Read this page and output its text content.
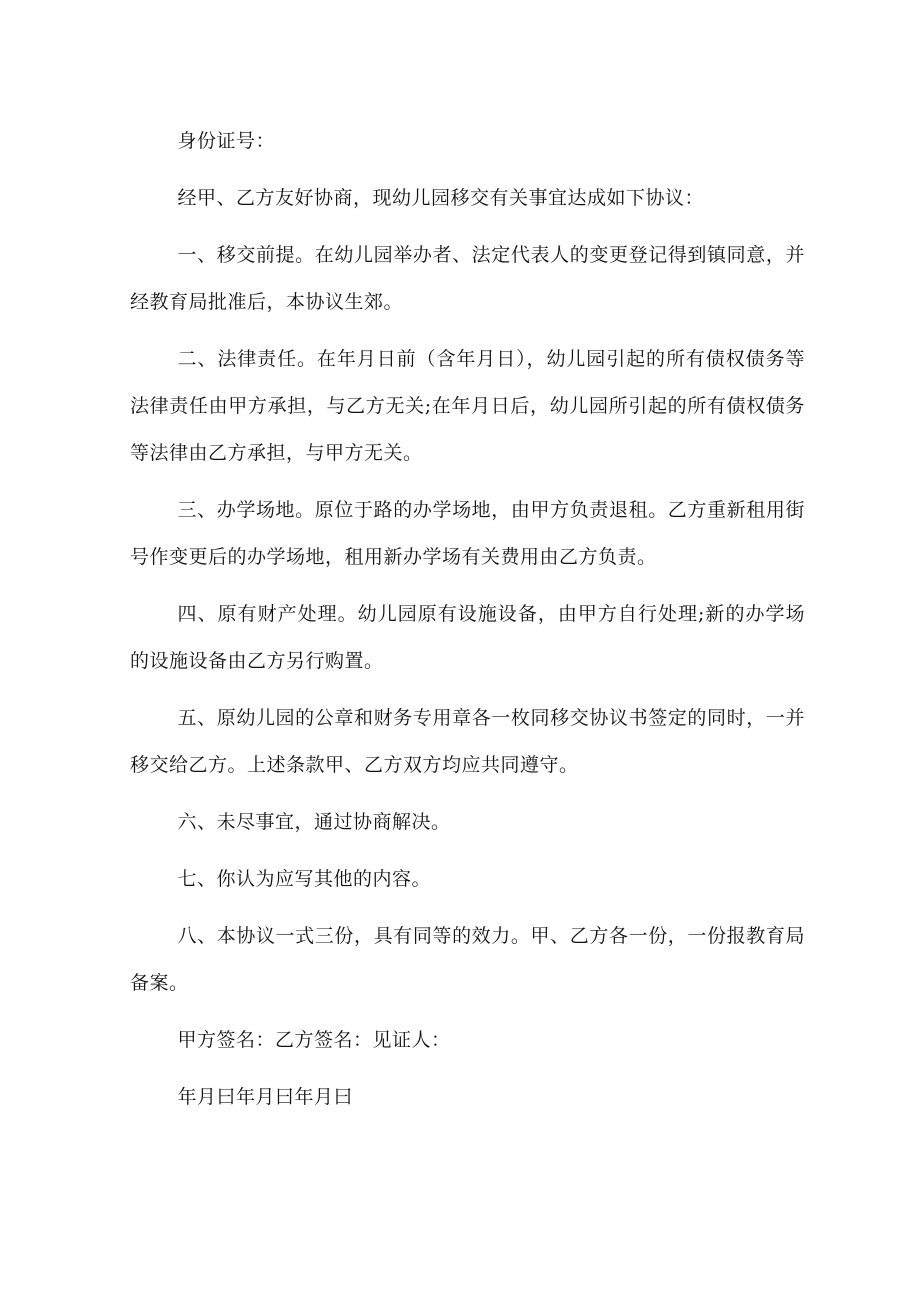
身份证号：

经甲、乙方友好协商，现幼儿园移交有关事宜达成如下协议：

一、移交前提。在幼儿园举办者、法定代表人的变更登记得到镇同意，并经教育局批准后，本协议生郊。

二、法律责任。在年月日前（含年月日），幼儿园引起的所有债权债务等法律责任由甲方承担，与乙方无关;在年月日后，幼儿园所引起的所有债权债务等法律由乙方承担，与甲方无关。

三、办学场地。原位于路的办学场地，由甲方负责退租。乙方重新租用街号作变更后的办学场地，租用新办学场有关费用由乙方负责。

四、原有财产处理。幼儿园原有设施设备，由甲方自行处理;新的办学场的设施设备由乙方另行购置。

五、原幼儿园的公章和财务专用章各一枚同移交协议书签定的同时，一并移交给乙方。上述条款甲、乙方双方均应共同遵守。

六、未尽事宜，通过协商解决。

七、你认为应写其他的内容。

八、本协议一式三份，具有同等的效力。甲、乙方各一份，一份报教育局备案。

甲方签名：乙方签名：见证人：

年月曰年月曰年月曰
